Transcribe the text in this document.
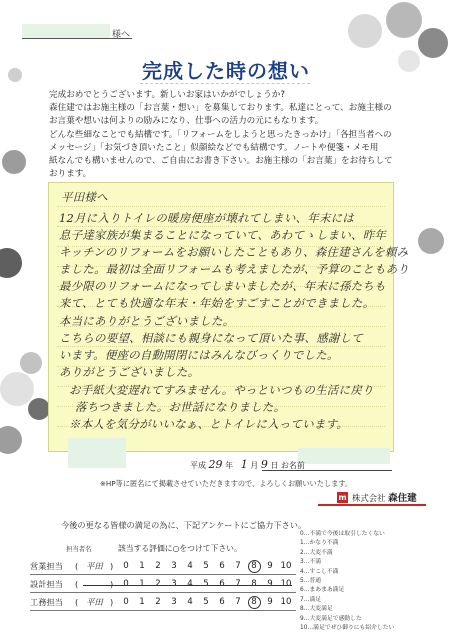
様へ
完成した時の想い

完成おめでとうございます。新しいお家はいかがでしょうか?

森住建ではお施主様の「お言葉・想い」を募集しております。私達にとって、お施主様の

お言葉や想いは何よりの励みになり、仕事への活力の元にもなります。

どんな些細なことでも結構です。「リフォームをしようと思ったきっかけ」「各担当者への

メッセージ」「お気づき頂いたこと」似顔絵などでも結構です。ノートや便箋・メモ用

紙なんでも構いませんので、ご自由にお書き下さい。お施主様の「お言葉」をお待ちして

おります。

平田様へ
12月に入りトイレの暖房便座が壊れてしまい、年末には
息子達家族が集まることになっていて、あわてゝしまい、昨年
キッチンのリフォームをお願いしたこともあり、森住建さんを頼み
ました。最初は全面リフォームも考えましたが、予算のこともあり
最少限のリフォームになってしまいましたが、年末に孫たちも
来て、とても快適な年末・年始をすごすことができました。
本当にありがとうございました。
こちらの要望、相談にも親身になって頂いた事、感謝して
います。便座の自動開閉にはみんなびっくりでした。
ありがとうございました。
お手紙大変遅れてすみません。やっといつもの生活に戻り
落ちつきました。お世話になりました。
※本人を気分がいいなぁ、とトイレに入っています。
平成 29 年 1 月 9 日 お名前
※HP等に匿名にて掲載させていただきますので、よろしくお願いいたします。
m 株式会社 森住建
今後の更なる皆様の満足の為に、下記アンケートにご協力下さい。
担当者名	該当する評価に○をつけて下さい。
営業担当 ( 平田 )	0	1	2	3	4	5	6	7	8	9 10
設計担当 (	)	0	1	2	3	4	5	6	7	8	9 10
工務担当 ( 平田 )	0	1	2	3	4	5	6	7	8	9 10
0…不満で今後は取引したくない
1…かなり不満
2…大変不満
3…不満
4…すこし不満
5…普通
6…まあまあ満足
7…満足
8…大変満足
9…大変満足で感動した
10…満足でぜひ御りにも紹介したい
